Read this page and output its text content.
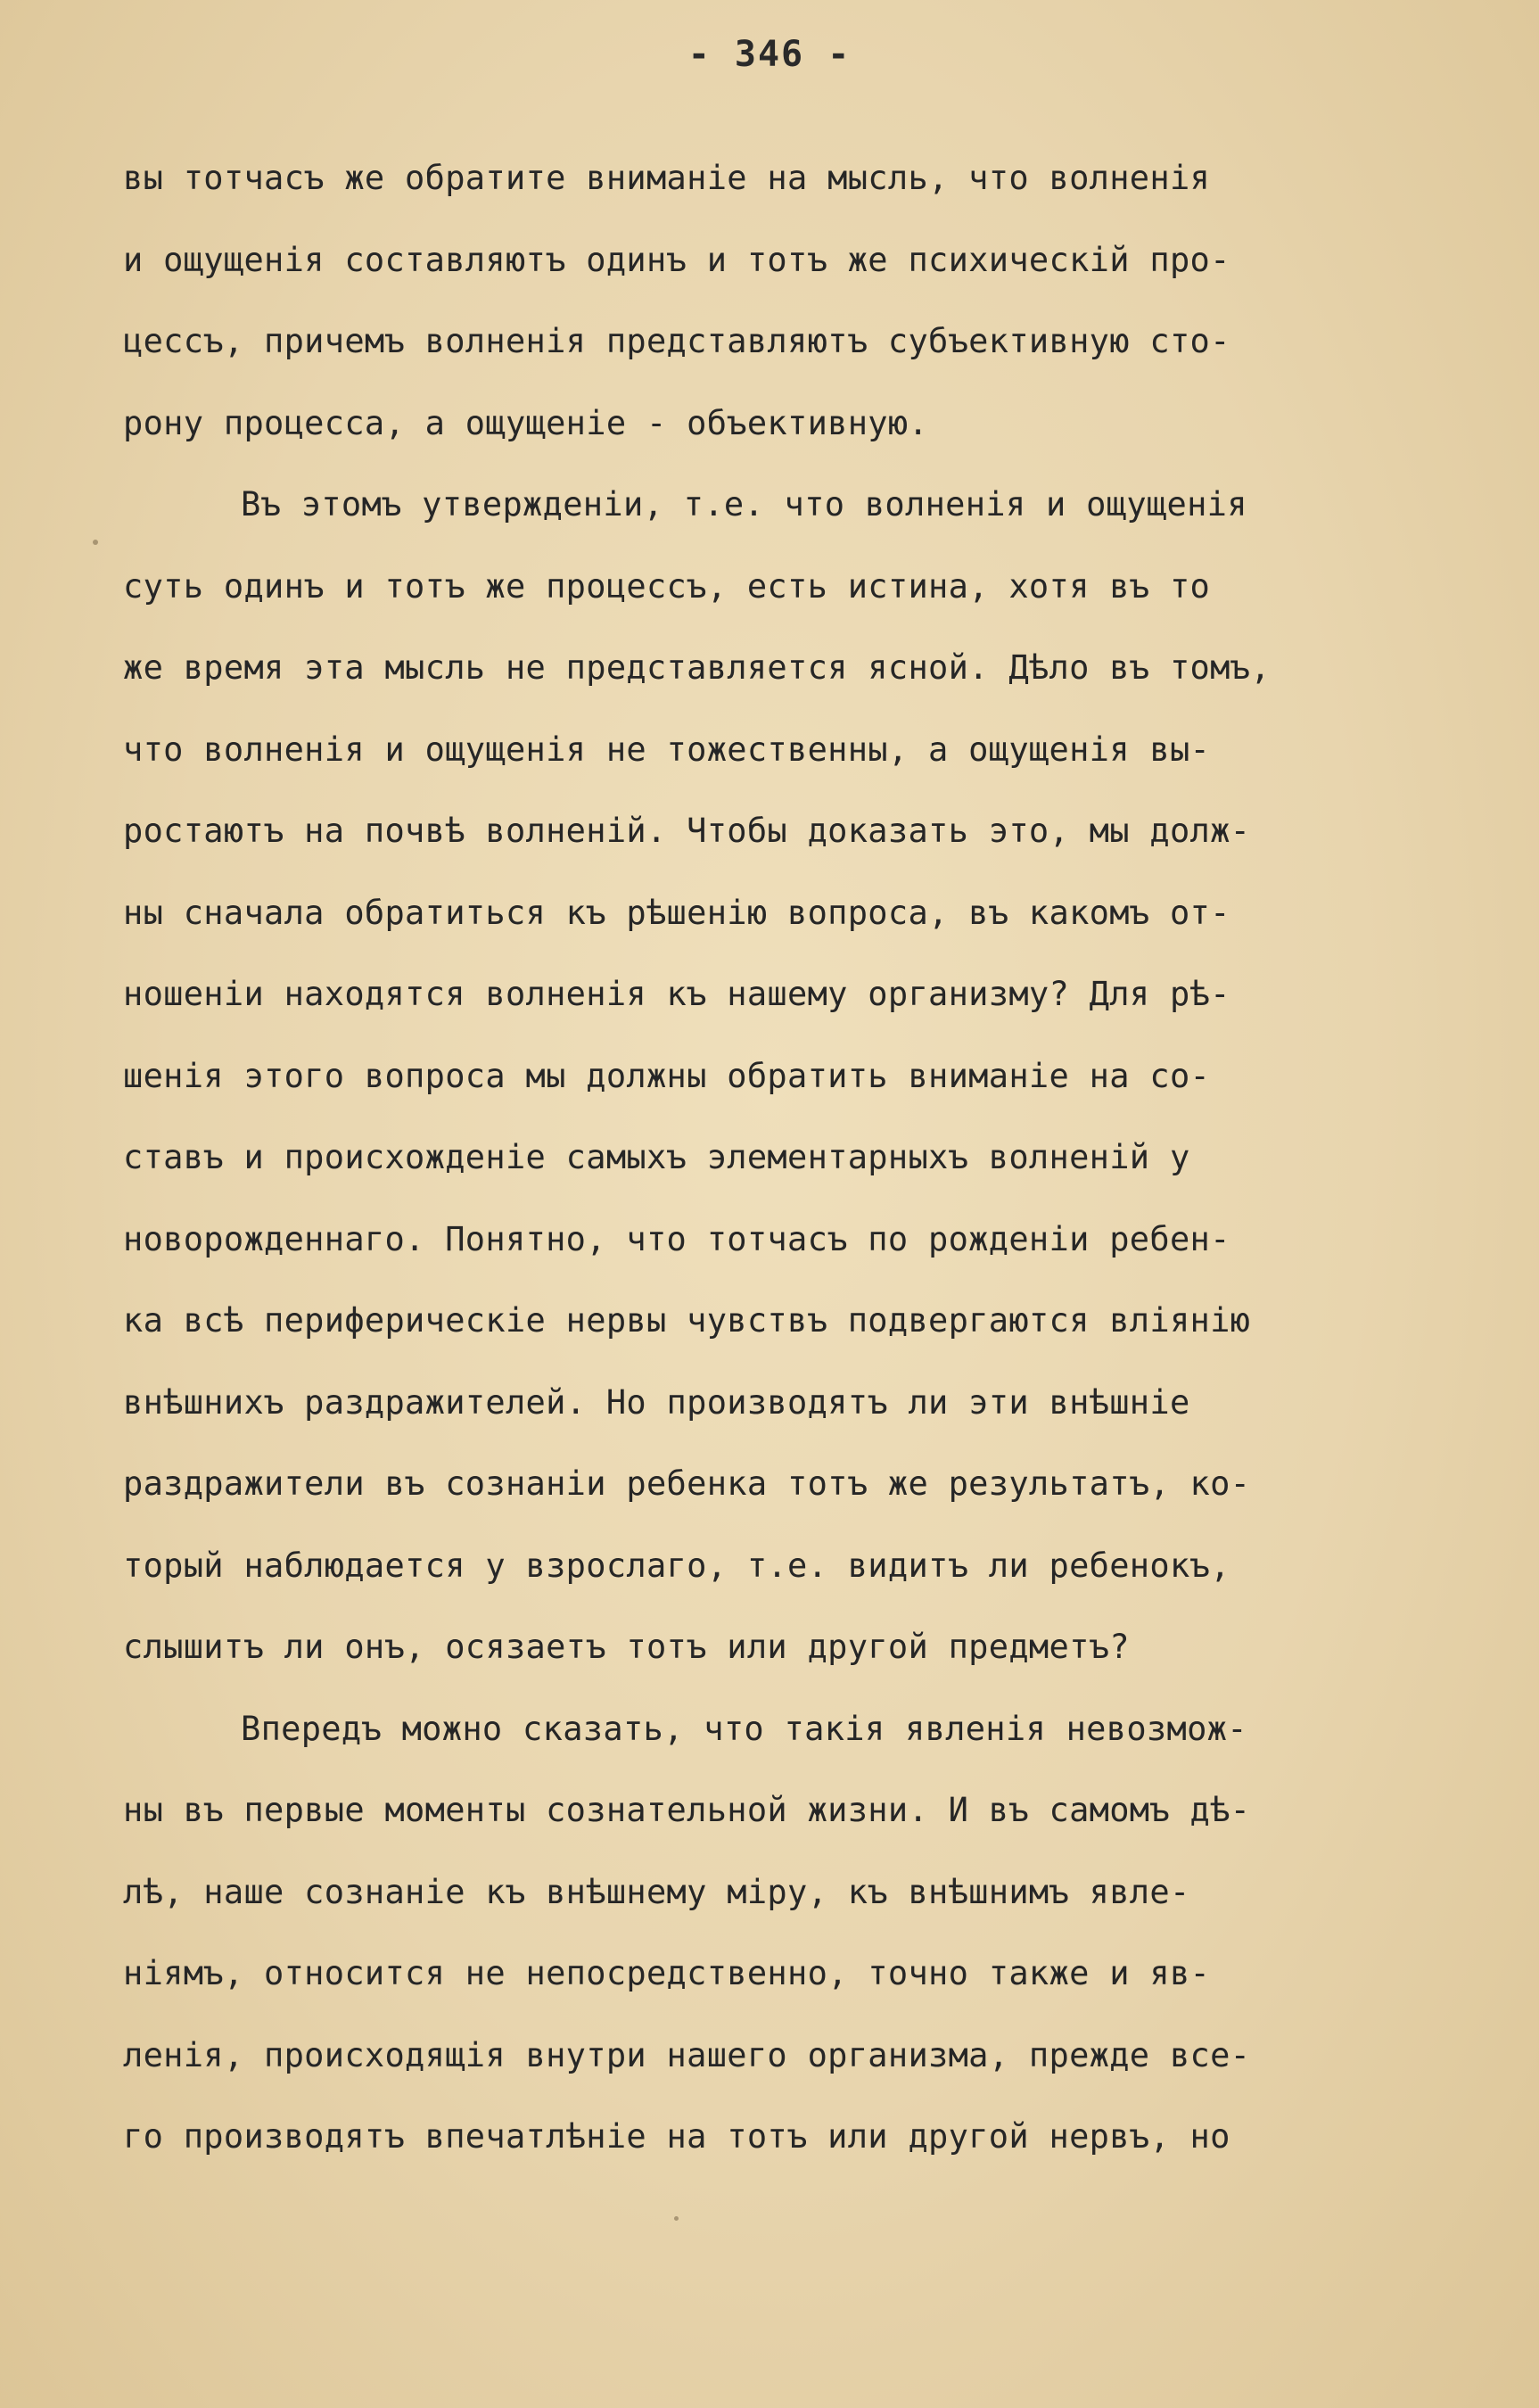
- 346 -
вы тотчасъ же обратите вниманіе на мысль, что волненія
и ощущенія составляютъ одинъ и тотъ же психическій про-
цессъ, причемъ волненія представляютъ субъективную сто-
рону процесса, а ощущеніе - объективную.
Въ этомъ утвержденіи, т.е. что волненія и ощущенія
суть одинъ и тотъ же процессъ, есть истина, хотя въ то
же время эта мысль не представляется ясной. Дѣло въ томъ,
что волненія и ощущенія не тожественны, а ощущенія вы-
ростаютъ на почвѣ волненій. Чтобы доказать это, мы долж-
ны сначала обратиться къ рѣшенію вопроса, въ какомъ от-
ношеніи находятся волненія къ нашему организму? Для рѣ-
шенія этого вопроса мы должны обратить вниманіе на со-
ставъ и происхожденіе самыхъ элементарныхъ волненій у
новорожденнаго. Понятно, что тотчасъ по рожденіи ребен-
ка всѣ периферическіе нервы чувствъ подвергаются вліянію
внѣшнихъ раздражителей. Но производятъ ли эти внѣшніе
раздражители въ сознаніи ребенка тотъ же результатъ, ко-
торый наблюдается у взрослаго, т.е. видитъ ли ребенокъ,
слышитъ ли онъ, осязаетъ тотъ или другой предметъ?
Впередъ можно сказать, что такія явленія невозмож-
ны въ первые моменты сознательной жизни. И въ самомъ дѣ-
лѣ, наше сознаніе къ внѣшнему міру, къ внѣшнимъ явле-
ніямъ, относится не непосредственно, точно также и яв-
ленія, происходящія внутри нашего организма, прежде все-
го производятъ впечатлѣніе на тотъ или другой нервъ, но
